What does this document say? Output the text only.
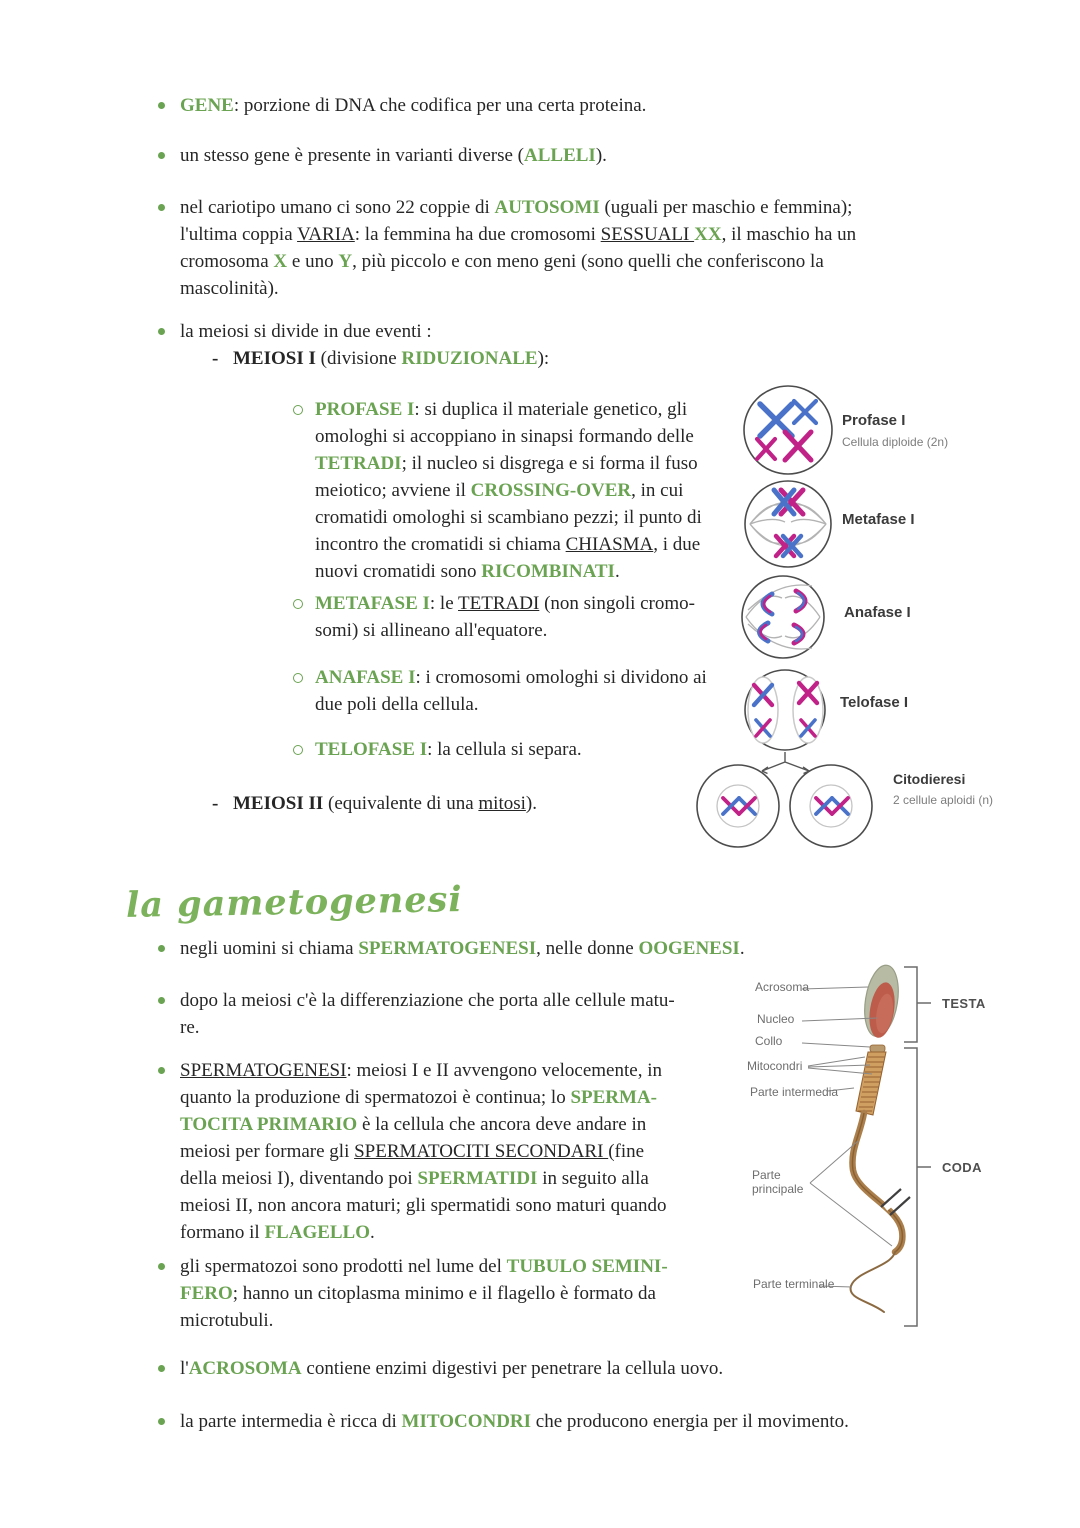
GENE: porzione di DNA che codifica per una certa proteina.
un stesso gene è presente in varianti diverse (ALLELI).
nel cariotipo umano ci sono 22 coppie di AUTOSOMI (uguali per maschio e femmina);
l'ultima coppia VARIA: la femmina ha due cromosomi SESSUALI XX, il maschio ha un
cromosoma X e uno Y, più piccolo e con meno geni (sono quelli che conferiscono la
mascolinità).
la meiosi si divide in due eventi :
- MEIOSI I (divisione RIDUZIONALE):
PROFASE I: si duplica il materiale genetico, gli
omologhi si accoppiano in sinapsi formando delle
TETRADI; il nucleo si disgrega e si forma il fuso
meiotico; avviene il CROSSING-OVER, in cui
cromatidi omologhi si scambiano pezzi; il punto di
incontro the cromatidi si chiama CHIASMA, i due
nuovi cromatidi sono RICOMBINATI.
METAFASE I: le TETRADI (non singoli cromo-
somi) si allineano all'equatore.
ANAFASE I: i cromosomi omologhi si dividono ai
due poli della cellula.
TELOFASE I: la cellula si separa.
- MEIOSI II (equivalente di una mitosi).
Profase I
Cellula diploide (2n)
Metafase I
Anafase I
Telofase I
Citodieresi
2 cellule aploidi (n)
la gametogenesi
negli uomini si chiama SPERMATOGENESI, nelle donne OOGENESI.
dopo la meiosi c'è la differenziazione che porta alle cellule matu-
re.
SPERMATOGENESI: meiosi I e II avvengono velocemente, in
quanto la produzione di spermatozoi è continua; lo SPERMA-
TOCITA PRIMARIO è la cellula che ancora deve andare in
meiosi per formare gli SPERMATOCITI SECONDARI (fine
della meiosi I), diventando poi SPERMATIDI in seguito alla
meiosi II, non ancora maturi; gli spermatidi sono maturi quando
formano il FLAGELLO.
gli spermatozoi sono prodotti nel lume del TUBULO SEMINI-
FERO; hanno un citoplasma minimo e il flagello è formato da
microtubuli.
l'ACROSOMA contiene enzimi digestivi per penetrare la cellula uovo.
la parte intermedia è ricca di MITOCONDRI che producono energia per il movimento.
Acrosoma
Nucleo
Collo
Mitocondri
Parte intermedia
Parte
principale
Parte terminale
TESTA
CODA
